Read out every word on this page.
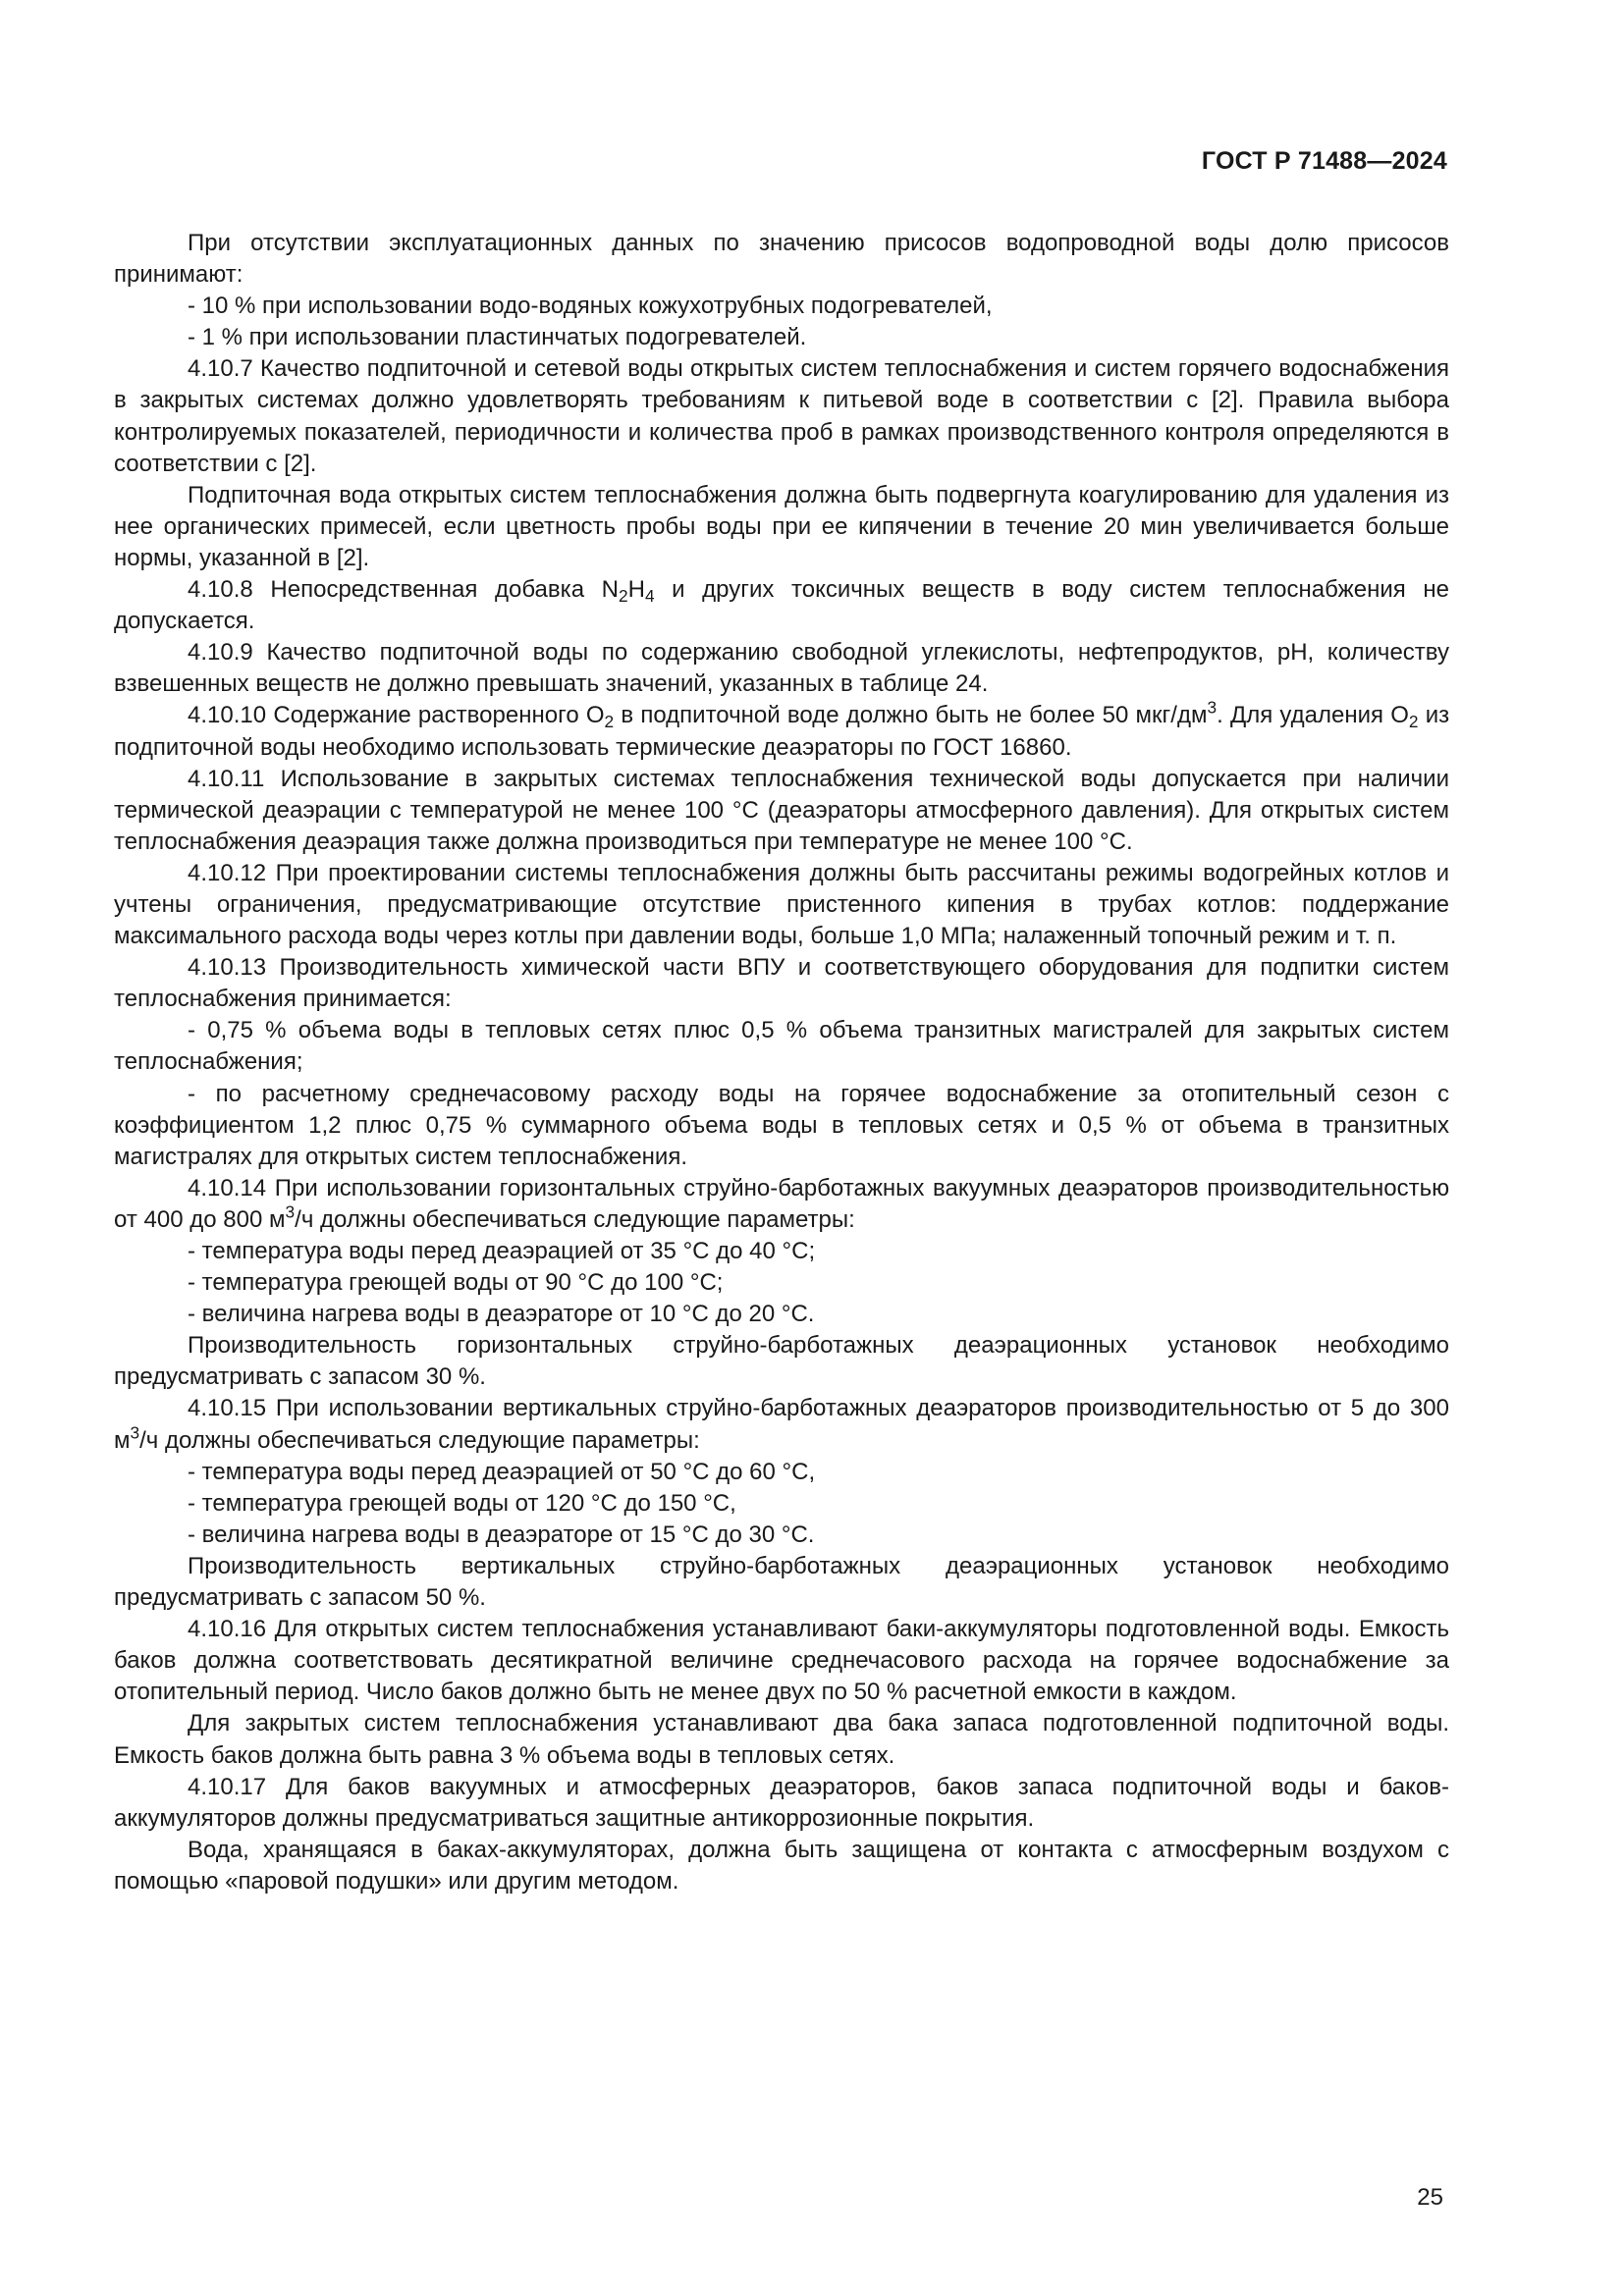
ГОСТ Р 71488—2024

При отсутствии эксплуатационных данных по значению присосов водопроводной воды долю присосов принимают:

- 10 % при использовании водо-водяных кожухотрубных подогревателей,

- 1 % при использовании пластинчатых подогревателей.

4.10.7 Качество подпиточной и сетевой воды открытых систем теплоснабжения и систем горячего водоснабжения в закрытых системах должно удовлетворять требованиям к питьевой воде в соответствии с [2]. Правила выбора контролируемых показателей, периодичности и количества проб в рамках производственного контроля определяются в соответствии с [2].

Подпиточная вода открытых систем теплоснабжения должна быть подвергнута коагулированию для удаления из нее органических примесей, если цветность пробы воды при ее кипячении в течение 20 мин увеличивается больше нормы, указанной в [2].

4.10.8 Непосредственная добавка $N_2H_4$ и других токсичных веществ в воду систем теплоснабжения не допускается.

4.10.9 Качество подпиточной воды по содержанию свободной углекислоты, нефтепродуктов, pH, количеству взвешенных веществ не должно превышать значений, указанных в таблице 24.

4.10.10 Содержание растворенного $O_2$ в подпиточной воде должно быть не более 50 мкг/$дм^3$. Для удаления $O_2$ из подпиточной воды необходимо использовать термические деаэраторы по ГОСТ 16860.

4.10.11 Использование в закрытых системах теплоснабжения технической воды допускается при наличии термической деаэрации с температурой не менее 100 °С (деаэраторы атмосферного давления). Для открытых систем теплоснабжения деаэрация также должна производиться при температуре не менее 100 °С.

4.10.12 При проектировании системы теплоснабжения должны быть рассчитаны режимы водогрейных котлов и учтены ограничения, предусматривающие отсутствие пристенного кипения в трубах котлов: поддержание максимального расхода воды через котлы при давлении воды, больше 1,0 МПа; налаженный топочный режим и т. п.

4.10.13 Производительность химической части ВПУ и соответствующего оборудования для подпитки систем теплоснабжения принимается:

- 0,75 % объема воды в тепловых сетях плюс 0,5 % объема транзитных магистралей для закрытых систем теплоснабжения;

- по расчетному среднечасовому расходу воды на горячее водоснабжение за отопительный сезон с коэффициентом 1,2 плюс 0,75 % суммарного объема воды в тепловых сетях и 0,5 % от объема в транзитных магистралях для открытых систем теплоснабжения.

4.10.14 При использовании горизонтальных струйно-барботажных вакуумных деаэраторов производительностью от 400 до 800 $м^3/ч$ должны обеспечиваться следующие параметры:

- температура воды перед деаэрацией от 35 °С до 40 °С;

- температура греющей воды от 90 °С до 100 °С;

- величина нагрева воды в деаэраторе от 10 °С до 20 °С.

Производительность горизонтальных струйно-барботажных деаэрационных установок необходимо предусматривать с запасом 30 %.

4.10.15 При использовании вертикальных струйно-барботажных деаэраторов производительностью от 5 до 300 $м^3/ч$ должны обеспечиваться следующие параметры:

- температура воды перед деаэрацией от 50 °С до 60 °С,

- температура греющей воды от 120 °С до 150 °С,

- величина нагрева воды в деаэраторе от 15 °С до 30 °С.

Производительность вертикальных струйно-барботажных деаэрационных установок необходимо предусматривать с запасом 50 %.

4.10.16 Для открытых систем теплоснабжения устанавливают баки-аккумуляторы подготовленной воды. Емкость баков должна соответствовать десятикратной величине среднечасового расхода на горячее водоснабжение за отопительный период. Число баков должно быть не менее двух по 50 % расчетной емкости в каждом.

Для закрытых систем теплоснабжения устанавливают два бака запаса подготовленной подпиточной воды. Емкость баков должна быть равна 3 % объема воды в тепловых сетях.

4.10.17 Для баков вакуумных и атмосферных деаэраторов, баков запаса подпиточной воды и баков-аккумуляторов должны предусматриваться защитные антикоррозионные покрытия.

Вода, хранящаяся в баках-аккумуляторах, должна быть защищена от контакта с атмосферным воздухом с помощью «паровой подушки» или другим методом.

25
